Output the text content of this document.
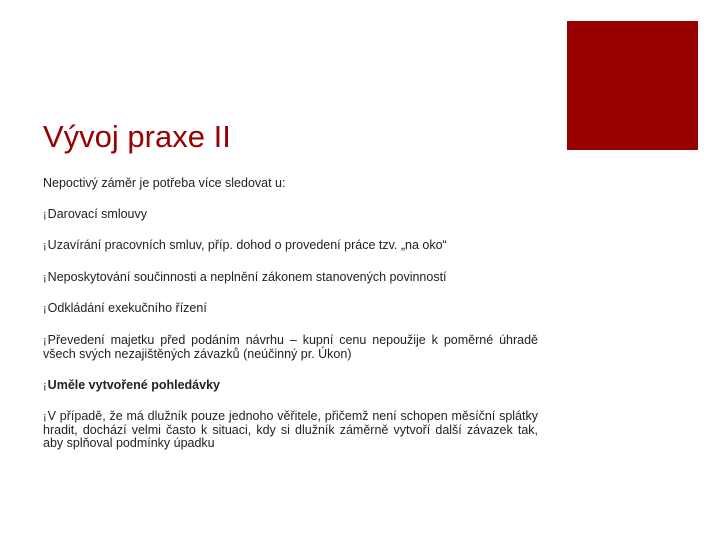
Vývoj praxe II

Nepoctivý záměr je potřeba více sledovat u:

¡Darovací smlouvy
¡Uzavírání pracovních smluv, příp. dohod o provedení práce tzv. „na oko“
¡Neposkytování součinnosti a neplnění zákonem stanovených povinností
¡Odkládání exekučního řízení
¡Převedení majetku před podáním návrhu – kupní cenu nepoužije k poměrné úhradě všech svých nezajištěných závazků (neúčinný pr. Úkon)
¡Uměle vytvořené pohledávky
¡V případě, že má dlužník pouze jednoho věřitele, přičemž není schopen měsíční splátky hradit, dochází velmi často k situaci, kdy si dlužník záměrně vytvoří další závazek tak, aby splňoval podmínky úpadku
